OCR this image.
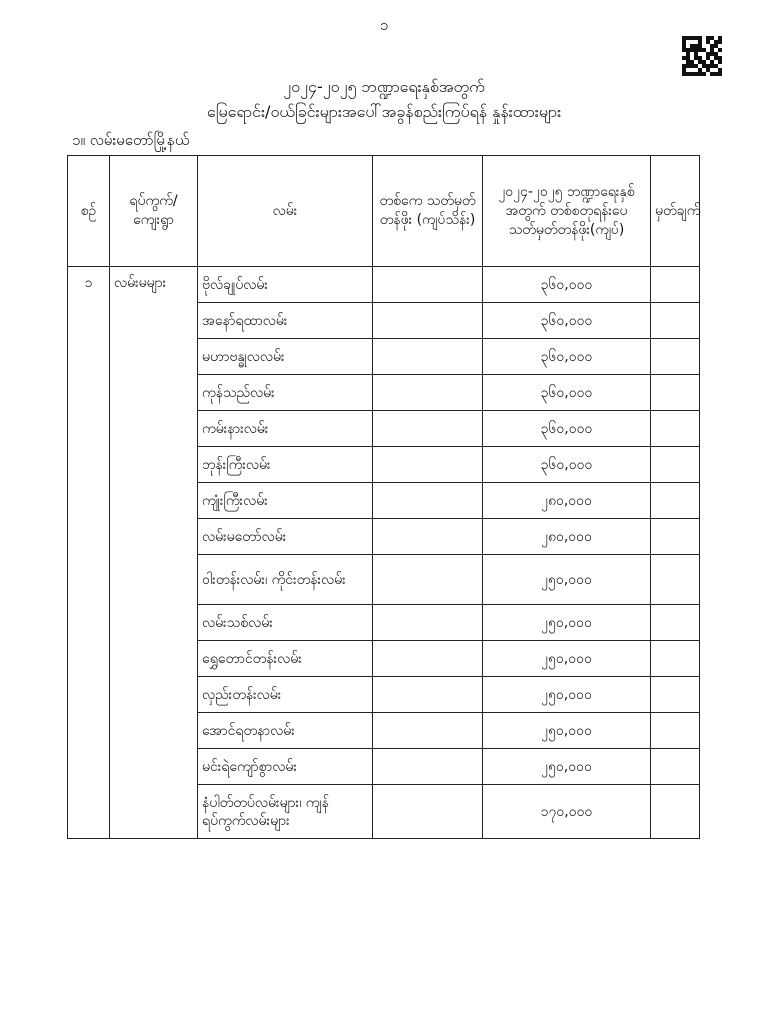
၁
၂၀၂၄-၂၀၂၅ ဘဏ္ဍာရေးနှစ်အတွက်
မြေရောင်း/ဝယ်ခြင်းများအပေါ်အခွန်စည်းကြပ်ရန် နှုန်းထားများ
၁။ လမ်းမတော်မြို့နယ်
စဉ်	ရပ်ကွက်/ ကျေးရွာ	လမ်း	တစ်ကေ သတ်မှတ် တန်ဖိုး (ကျပ်သိန်း)	၂၀၂၄-၂၀၂၅ ဘဏ္ဍာရေးနှစ်အတွက် တစ်စတုရန်းပေ သတ်မှတ်တန်ဖိုး(ကျပ်)	မှတ်ချက်
၁	လမ်းမများ	ဗိုလ်ချုပ်လမ်း		၃၆၀,၀၀၀	
		အနော်ရထာလမ်း		၃၆၀,၀၀၀	
		မဟာဗန္ဓုလလမ်း		၃၆၀,၀၀၀	
		ကုန်သည်လမ်း		၃၆၀,၀၀၀	
		ကမ်းနားလမ်း		၃၆၀,၀၀၀	
		ဘုန်းကြီးလမ်း		၃၆၀,၀၀၀	
		ကျုံးကြီးလမ်း		၂၈၀,၀၀၀	
		လမ်းမတော်လမ်း		၂၈၀,၀၀၀	
		ဝါးတန်းလမ်း၊ ကိုင်းတန်းလမ်း		၂၅၀,၀၀၀	
		လမ်းသစ်လမ်း		၂၅၀,၀၀၀	
		ရွှေတောင်တန်းလမ်း		၂၅၀,၀၀၀	
		လှည်းတန်းလမ်း		၂၅၀,၀၀၀	
		အောင်ရတနာလမ်း		၂၅၀,၀၀၀	
		မင်းရဲကျော်စွာလမ်း		၂၅၀,၀၀၀	
		နံပါတ်တပ်လမ်းများ၊ ကျန်ရပ်ကွက်လမ်းများ		၁၇၀,၀၀၀	
